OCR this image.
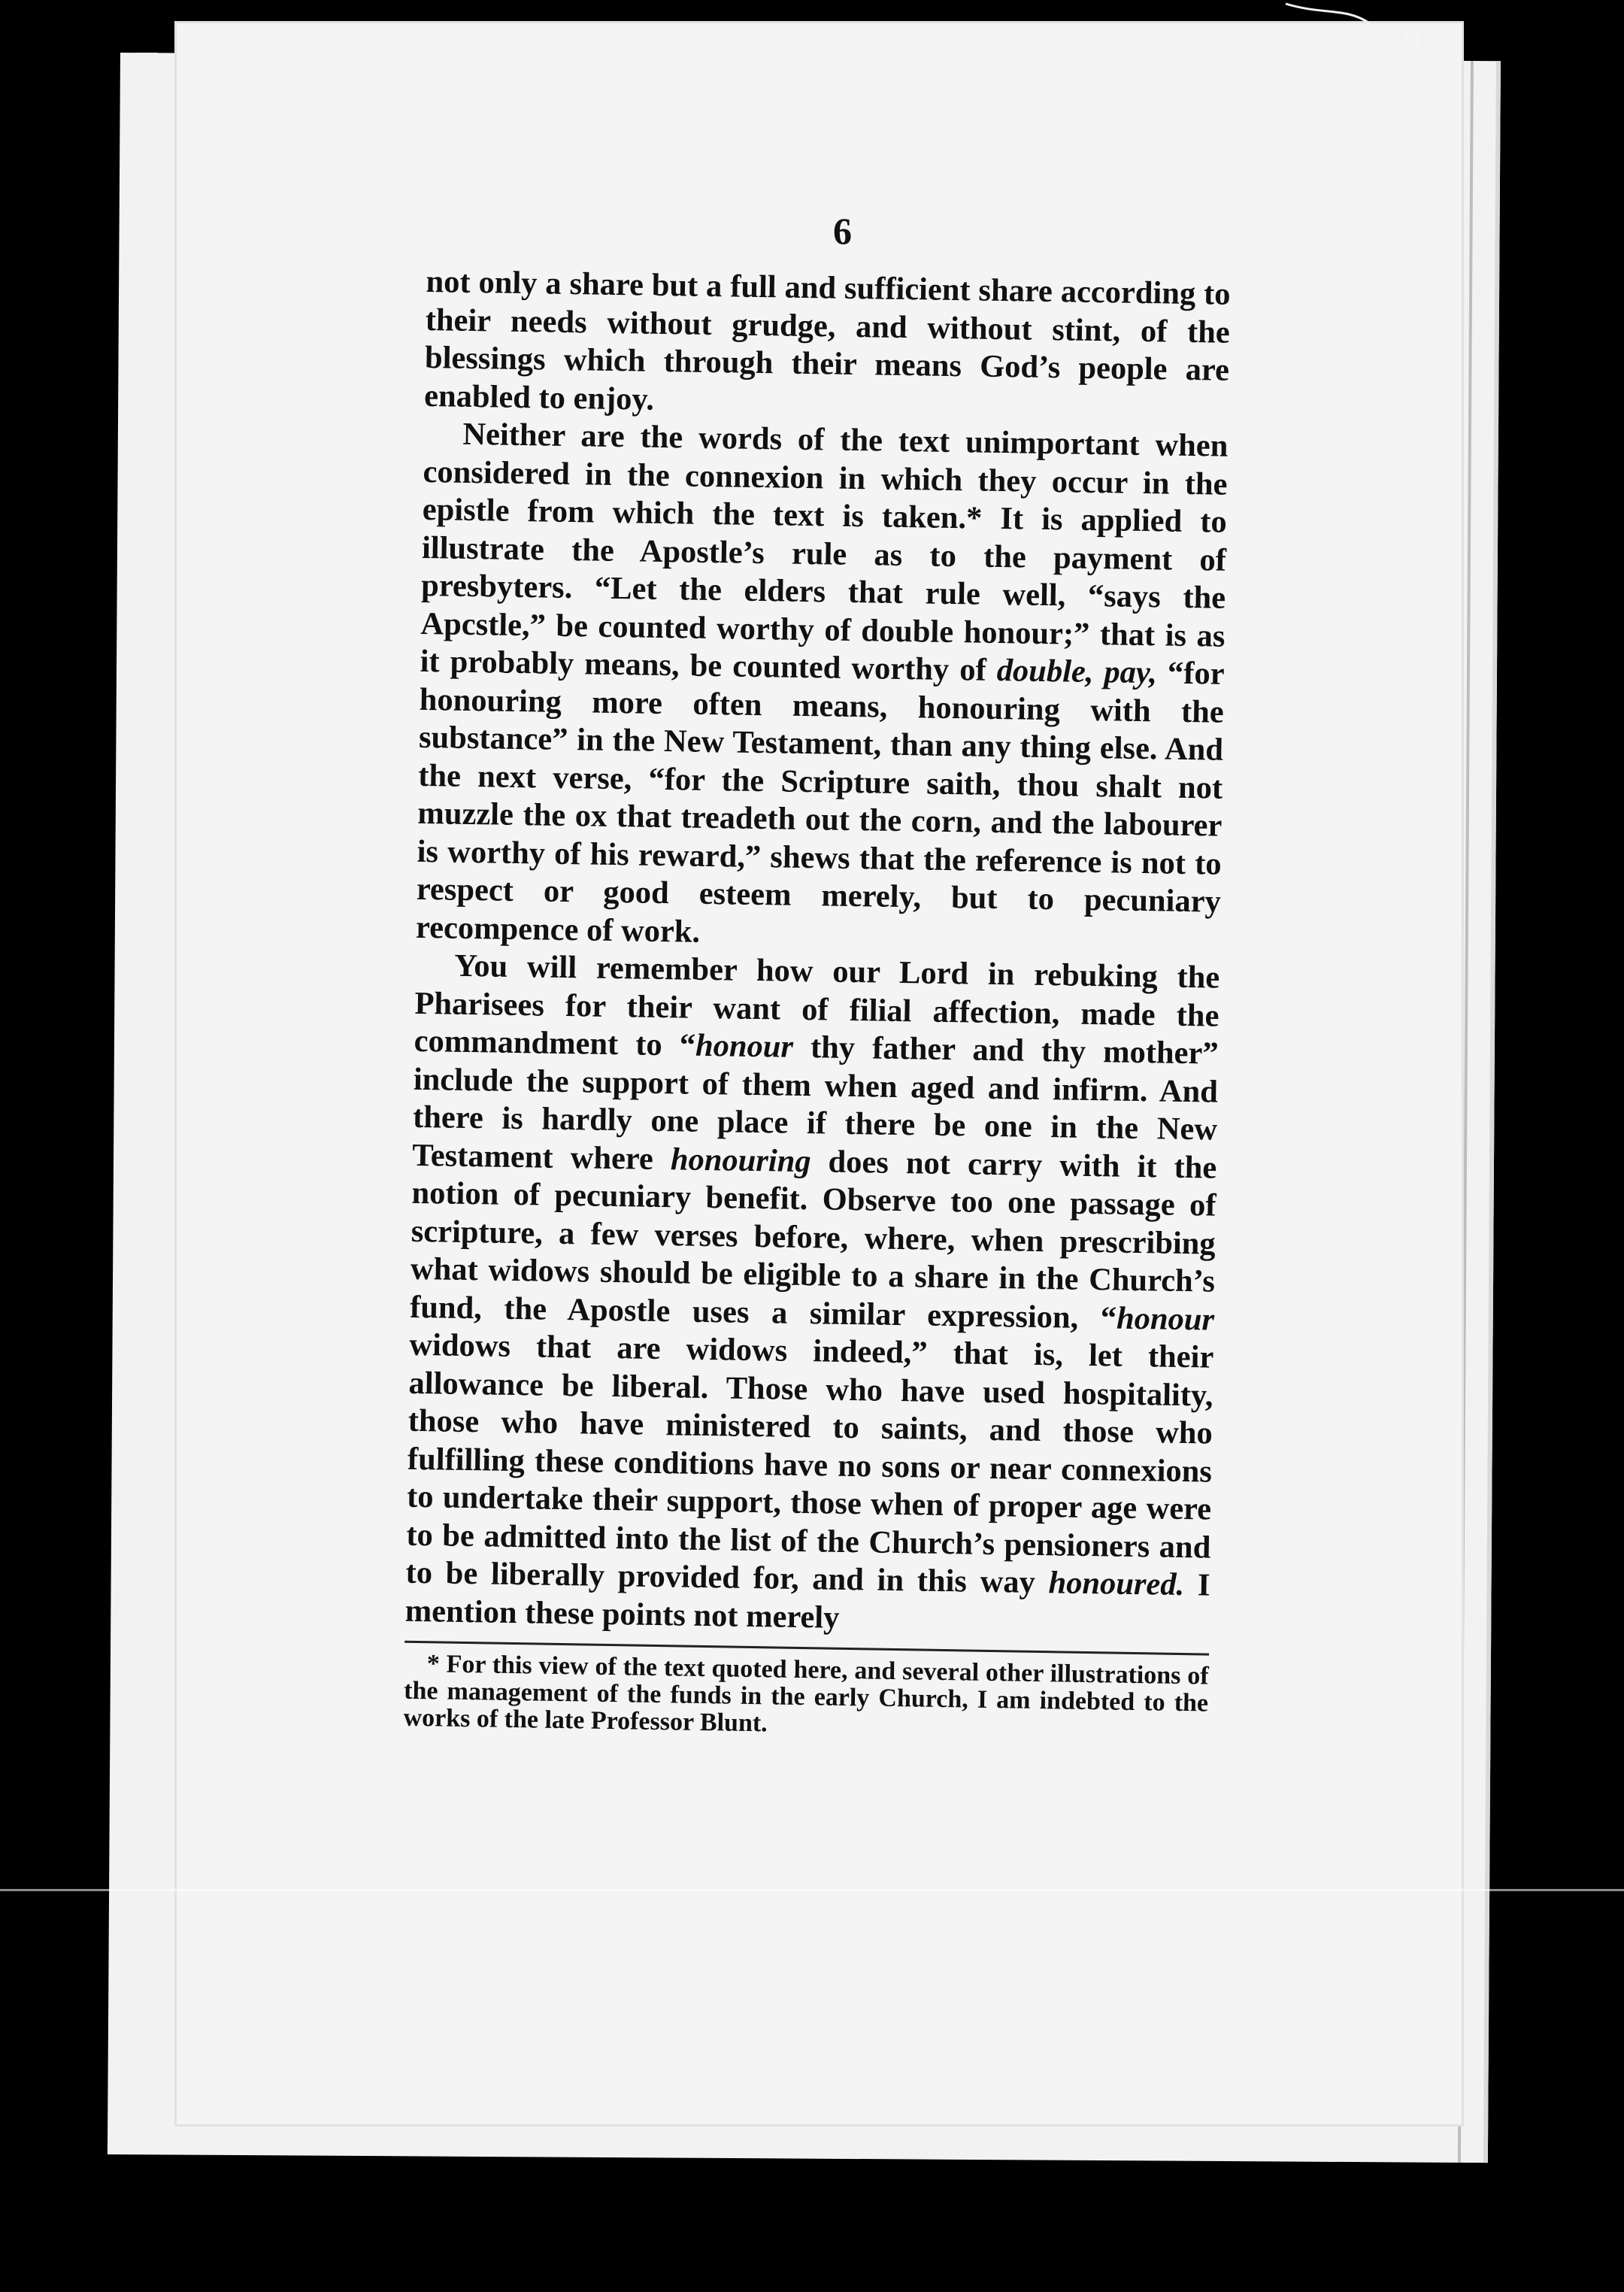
6

not only a share but a full and sufficient share according to their needs without grudge, and without stint, of the blessings which through their means God’s people are enabled to enjoy.

Neither are the words of the text unimportant when considered in the connexion in which they occur in the epistle from which the text is taken.* It is applied to illustrate the Apostle’s rule as to the payment of presbyters. “Let the elders that rule well, “says the Apcstle,” be counted worthy of double honour;” that is as it probably means, be counted worthy of double, pay, “for honouring more often means, honouring with the substance” in the New Testament, than any thing else. And the next verse, “for the Scripture saith, thou shalt not muzzle the ox that treadeth out the corn, and the labourer is worthy of his reward,” shews that the reference is not to respect or good esteem merely, but to pecuniary recompence of work.

You will remember how our Lord in rebuking the Pharisees for their want of filial affection, made the commandment to “honour thy father and thy mother” include the support of them when aged and infirm. And there is hardly one place if there be one in the New Testament where honouring does not carry with it the notion of pecuniary benefit. Observe too one passage of scripture, a few verses before, where, when prescribing what widows should be eligible to a share in the Church’s fund, the Apostle uses a similar expression, “honour widows that are widows indeed,” that is, let their allowance be liberal. Those who have used hospitality, those who have ministered to saints, and those who fulfilling these conditions have no sons or near connexions to undertake their support, those when of proper age were to be admitted into the list of the Church’s pensioners and to be liberally provided for, and in this way honoured. I mention these points not merely

* For this view of the text quoted here, and several other illustrations of the management of the funds in the early Church, I am indebted to the works of the late Professor Blunt.
